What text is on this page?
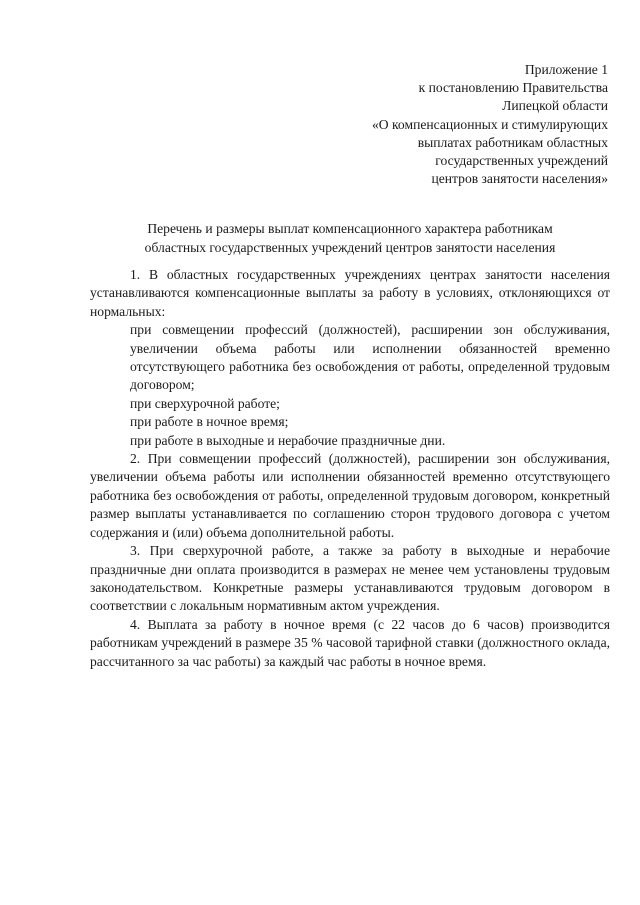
Приложение 1
к постановлению Правительства
Липецкой области
«О компенсационных и стимулирующих
выплатах работникам областных
государственных учреждений
центров занятости населения»
Перечень и размеры выплат компенсационного характера работникам
областных государственных учреждений центров занятости населения

1. В областных государственных учреждениях центрах занятости населения устанавливаются компенсационные выплаты за работу в условиях, отклоняющихся от нормальных:

при совмещении профессий (должностей), расширении зон обслуживания, увеличении объема работы или исполнении обязанностей временно отсутствующего работника без освобождения от работы, определенной трудовым договором;

при сверхурочной работе;

при работе в ночное время;

при работе в выходные и нерабочие праздничные дни.

2. При совмещении профессий (должностей), расширении зон обслуживания, увеличении объема работы или исполнении обязанностей временно отсутствующего работника без освобождения от работы, определенной трудовым договором, конкретный размер выплаты устанавливается по соглашению сторон трудового договора с учетом содержания и (или) объема дополнительной работы.

3. При сверхурочной работе, а также за работу в выходные и нерабочие праздничные дни оплата производится в размерах не менее чем установлены трудовым законодательством. Конкретные размеры устанавливаются трудовым договором в соответствии с локальным нормативным актом учреждения.

4. Выплата за работу в ночное время (с 22 часов до 6 часов) производится работникам учреждений в размере 35 % часовой тарифной ставки (должностного оклада, рассчитанного за час работы) за каждый час работы в ночное время.
